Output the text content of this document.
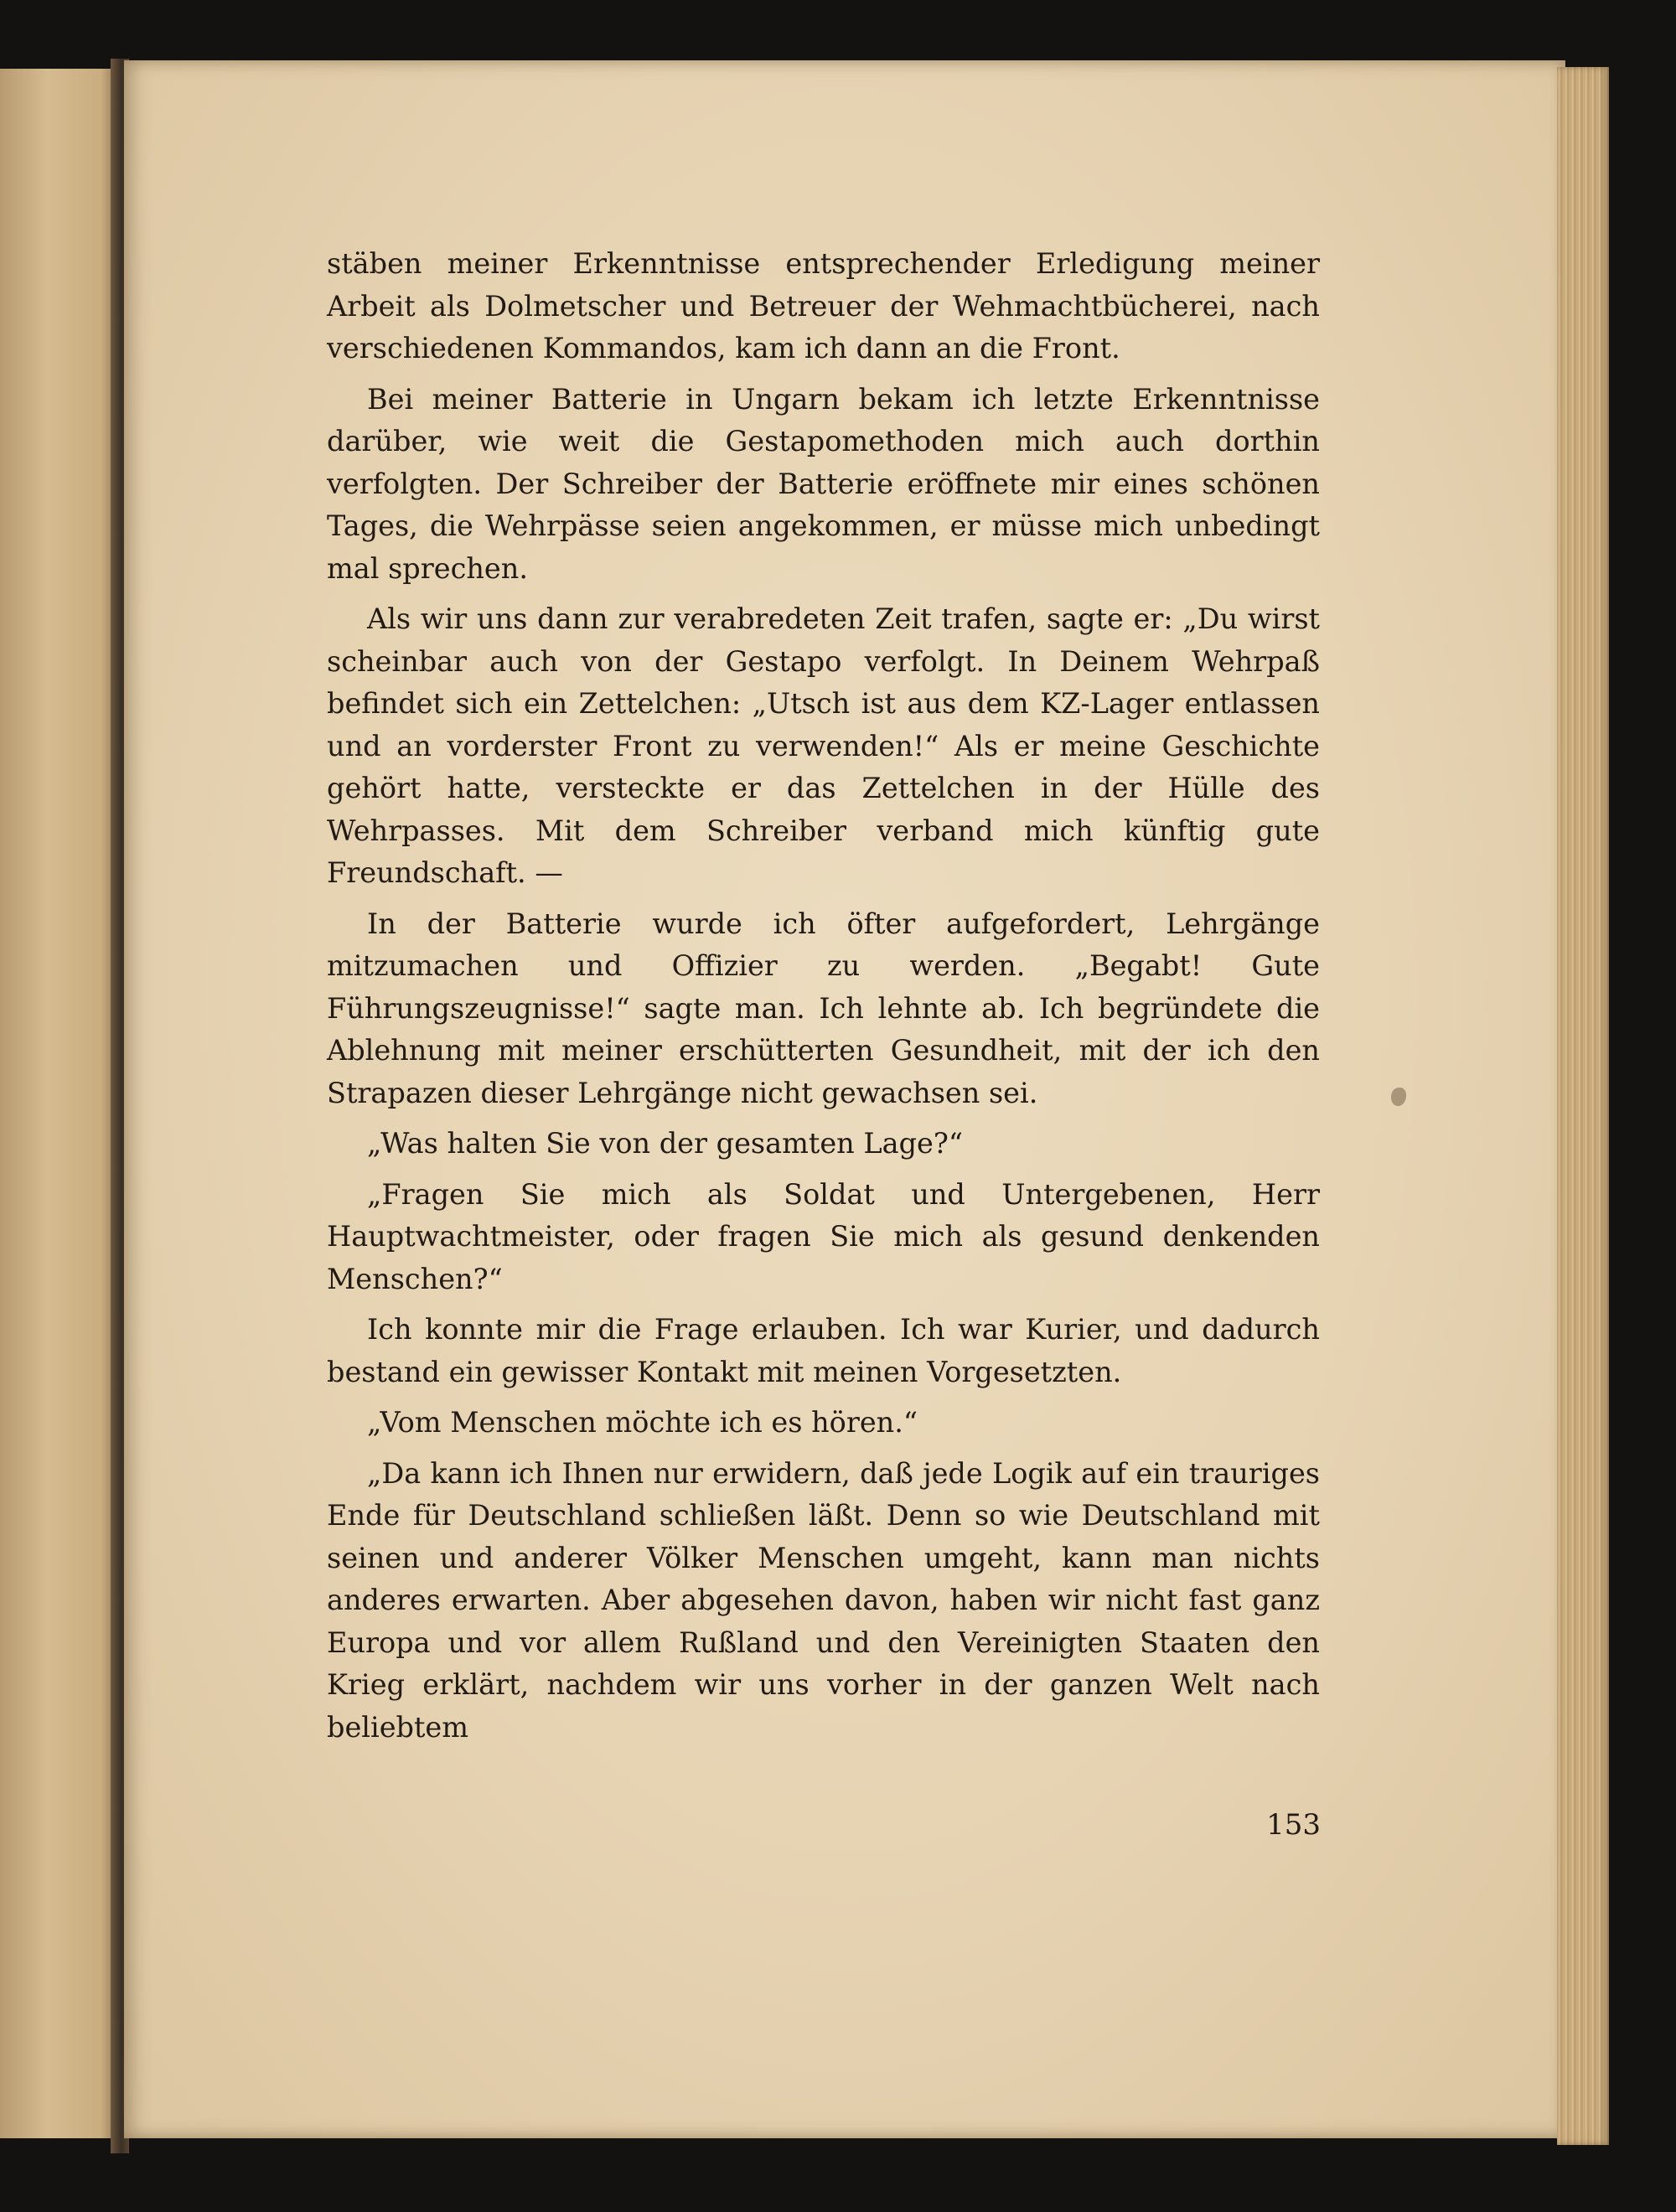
stäben meiner Erkenntnisse entsprechender Erledigung meiner Arbeit als Dolmetscher und Betreuer der Wehmachtbücherei, nach verschiedenen Kommandos, kam ich dann an die Front.

Bei meiner Batterie in Ungarn bekam ich letzte Erkenntnisse darüber, wie weit die Gestapomethoden mich auch dorthin verfolgten. Der Schreiber der Batterie eröffnete mir eines schönen Tages, die Wehrpässe seien angekommen, er müsse mich unbedingt mal sprechen.

Als wir uns dann zur verabredeten Zeit trafen, sagte er: „Du wirst scheinbar auch von der Gestapo verfolgt. In Deinem Wehrpaß befindet sich ein Zettelchen: „Utsch ist aus dem KZ-Lager entlassen und an vorderster Front zu verwenden!“ Als er meine Geschichte gehört hatte, versteckte er das Zettelchen in der Hülle des Wehrpasses. Mit dem Schreiber verband mich künftig gute Freundschaft. —

In der Batterie wurde ich öfter aufgefordert, Lehrgänge mitzumachen und Offizier zu werden. „Begabt! Gute Führungszeugnisse!“ sagte man. Ich lehnte ab. Ich begründete die Ablehnung mit meiner erschütterten Gesundheit, mit der ich den Strapazen dieser Lehrgänge nicht gewachsen sei.

„Was halten Sie von der gesamten Lage?“

„Fragen Sie mich als Soldat und Untergebenen, Herr Hauptwachtmeister, oder fragen Sie mich als gesund denkenden Menschen?“

Ich konnte mir die Frage erlauben. Ich war Kurier, und dadurch bestand ein gewisser Kontakt mit meinen Vorgesetzten.

„Vom Menschen möchte ich es hören.“

„Da kann ich Ihnen nur erwidern, daß jede Logik auf ein trauriges Ende für Deutschland schließen läßt. Denn so wie Deutschland mit seinen und anderer Völker Menschen umgeht, kann man nichts anderes erwarten. Aber abgesehen davon, haben wir nicht fast ganz Europa und vor allem Rußland und den Vereinigten Staaten den Krieg erklärt, nachdem wir uns vorher in der ganzen Welt nach beliebtem

153
